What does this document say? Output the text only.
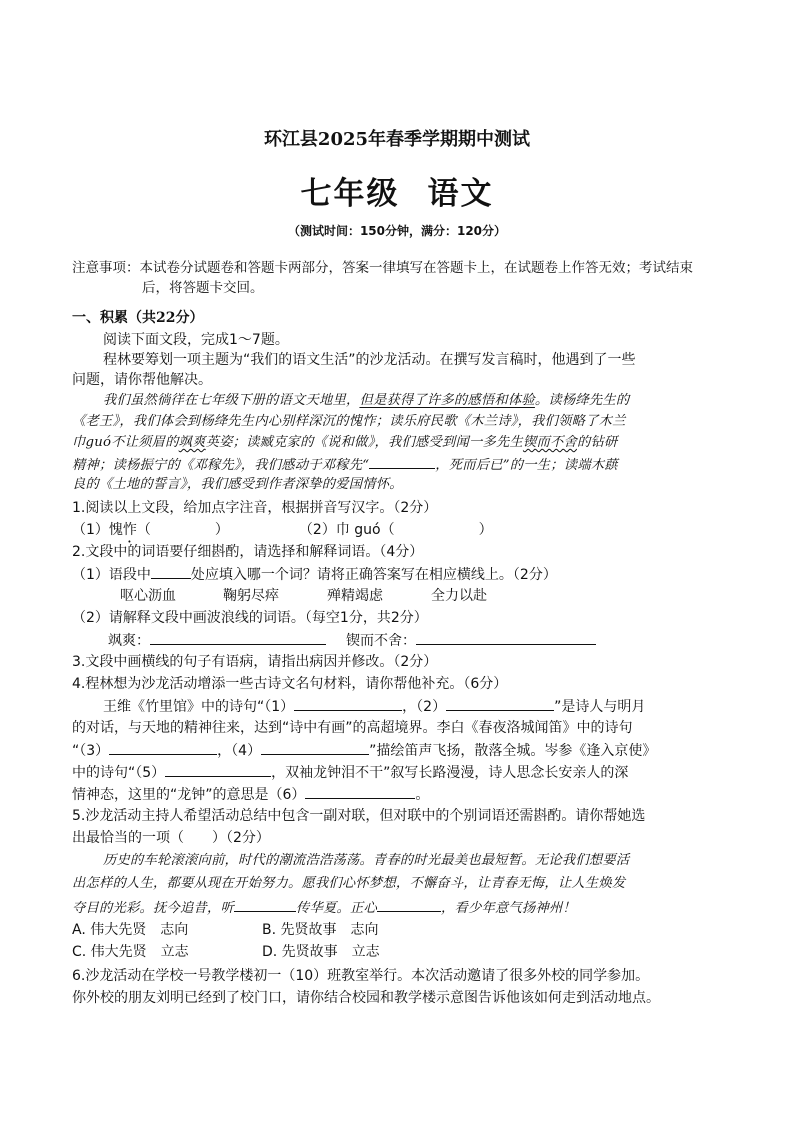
环江县2025年春季学期期中测试
七年级 语文
（测试时间：150分钟，满分：120分）
注意事项：本试卷分试题卷和答题卡两部分，答案一律填写在答题卡上，在试题卷上作答无效；考试结束
后，将答题卡交回。
一、积累（共22分）
阅读下面文段，完成1～7题。
程林要筹划一项主题为“我们的语文生活”的沙龙活动。在撰写发言稿时，他遇到了一些
问题，请你帮他解决。
我们虽然徜徉在七年级下册的语文天地里，但是获得了许多的感悟和体验。读杨绛先生的
《老王》，我们体会到杨绛先生内心别样深沉的愧怍；读乐府民歌《木兰诗》，我们领略了木兰
巾guó不让须眉的飒爽英姿；读臧克家的《说和做》，我们感受到闻一多先生锲而不舍的钻研
精神；读杨振宁的《邓稼先》，我们感动于邓稼先“	，死而后已”的一生；读端木蕻
良的《土地的誓言》，我们感受到作者深挚的爱国情怀。
1.阅读以上文段，给加点字注音，根据拼音写汉字。（2分）
（1）愧怍（	）	（2）巾 guó（	）
2.文段中的词语要仔细斟酌，请选择和解释词语。（4分）
（1）语段中	处应填入哪一个词？请将正确答案写在相应横线上。（2分）
呕心沥血	鞠躬尽瘁	殚精竭虑	全力以赴
（2）请解释文段中画波浪线的词语。（每空1分，共2分）
飒爽：	锲而不舍：
3.文段中画横线的句子有语病，请指出病因并修改。（2分）
4.程林想为沙龙活动增添一些古诗文名句材料，请你帮他补充。（6分）
王维《竹里馆》中的诗句“（1）	，（2）	”是诗人与明月
的对话，与天地的精神往来，达到“诗中有画”的高超境界。李白《春夜洛城闻笛》中的诗句
“（3）	，（4）	”描绘笛声飞扬，散落全城。岑参《逢入京使》
中的诗句“（5）	，双袖龙钟泪不干”叙写长路漫漫，诗人思念长安亲人的深
情神态，这里的“龙钟”的意思是（6）	。
5.沙龙活动主持人希望活动总结中包含一副对联，但对联中的个别词语还需斟酌。请你帮她选
出最恰当的一项（　　）（2分）
历史的车轮滚滚向前，时代的潮流浩浩荡荡。青春的时光最美也最短暂。无论我们想要活
出怎样的人生，都要从现在开始努力。愿我们心怀梦想，不懈奋斗，让青春无悔，让人生焕发
夺目的光彩。抚今追昔，听	传华夏。正心	，看少年意气扬神州！
A. 伟大先贤　志向	B. 先贤故事　志向
C. 伟大先贤　立志	D. 先贤故事　立志
6.沙龙活动在学校一号教学楼初一（10）班教室举行。本次活动邀请了很多外校的同学参加。
你外校的朋友刘明已经到了校门口，请你结合校园和教学楼示意图告诉他该如何走到活动地点。
